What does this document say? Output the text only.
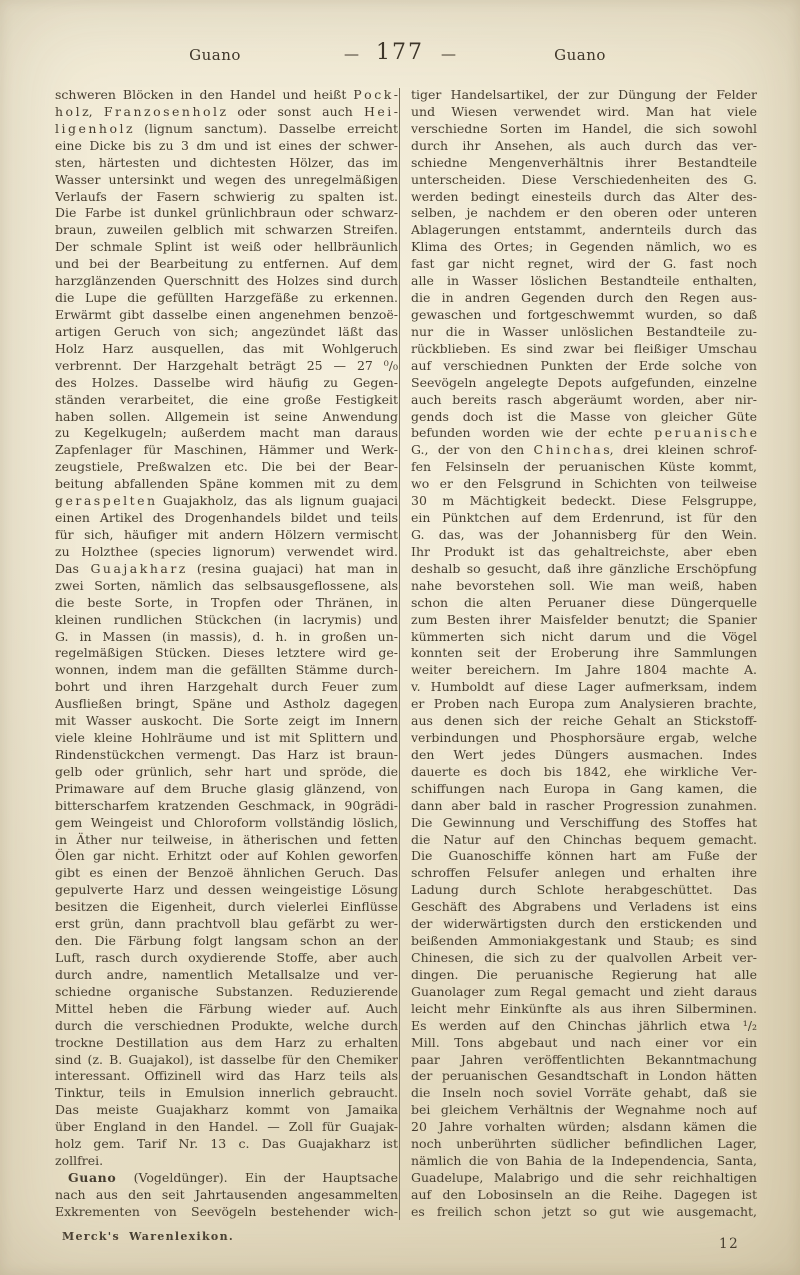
Guano	— 177 —	Guano
schweren Blöcken in den Handel und heißt P o c k -
h o l z, F r a n z o s e n h o l z oder sonst auch H e i -
l i g e n h o l z (lignum sanctum). Dasselbe erreicht
eine Dicke bis zu 3 dm und ist eines der schwer-
sten, härtesten und dichtesten Hölzer, das im
Wasser untersinkt und wegen des unregelmäßigen
Verlaufs der Fasern schwierig zu spalten ist.
Die Farbe ist dunkel grünlichbraun oder schwarz-
braun, zuweilen gelblich mit schwarzen Streifen.
Der schmale Splint ist weiß oder hellbräunlich
und bei der Bearbeitung zu entfernen. Auf dem
harzglänzenden Querschnitt des Holzes sind durch
die Lupe die gefüllten Harzgefäße zu erkennen.
Erwärmt gibt dasselbe einen angenehmen benzoë-
artigen Geruch von sich; angezündet läßt das
Holz Harz ausquellen, das mit Wohlgeruch
verbrennt. Der Harzgehalt beträgt 25 — 27 ⁰/₀
des Holzes. Dasselbe wird häufig zu Gegen-
ständen verarbeitet, die eine große Festigkeit
haben sollen. Allgemein ist seine Anwendung
zu Kegelkugeln; außerdem macht man daraus
Zapfenlager für Maschinen, Hämmer und Werk-
zeugstiele, Preßwalzen etc. Die bei der Bear-
beitung abfallenden Späne kommen mit zu dem
g e r a s p e l t e n Guajakholz, das als lignum guajaci
einen Artikel des Drogenhandels bildet und teils
für sich, häufiger mit andern Hölzern vermischt
zu Holzthee (species lignorum) verwendet wird.
Das G u a j a k h a r z (resina guajaci) hat man in
zwei Sorten, nämlich das selbsausgeflossene, als
die beste Sorte, in Tropfen oder Thränen, in
kleinen rundlichen Stückchen (in lacrymis) und
G. in Massen (in massis), d. h. in großen un-
regelmäßigen Stücken. Dieses letztere wird ge-
wonnen, indem man die gefällten Stämme durch-
bohrt und ihren Harzgehalt durch Feuer zum
Ausfließen bringt, Späne und Astholz dagegen
mit Wasser auskocht. Die Sorte zeigt im Innern
viele kleine Hohlräume und ist mit Splittern und
Rindenstückchen vermengt. Das Harz ist braun-
gelb oder grünlich, sehr hart und spröde, die
Primaware auf dem Bruche glasig glänzend, von
bitterscharfem kratzenden Geschmack, in 90grädi-
gem Weingeist und Chloroform vollständig löslich,
in Äther nur teilweise, in ätherischen und fetten
Ölen gar nicht. Erhitzt oder auf Kohlen geworfen
gibt es einen der Benzoë ähnlichen Geruch. Das
gepulverte Harz und dessen weingeistige Lösung
besitzen die Eigenheit, durch vielerlei Einflüsse
erst grün, dann prachtvoll blau gefärbt zu wer-
den. Die Färbung folgt langsam schon an der
Luft, rasch durch oxydierende Stoffe, aber auch
durch andre, namentlich Metallsalze und ver-
schiedne organische Substanzen. Reduzierende
Mittel heben die Färbung wieder auf. Auch
durch die verschiednen Produkte, welche durch
trockne Destillation aus dem Harz zu erhalten
sind (z. B. Guajakol), ist dasselbe für den Chemiker
interessant. Offizinell wird das Harz teils als
Tinktur, teils in Emulsion innerlich gebraucht.
Das meiste Guajakharz kommt von Jamaika
über England in den Handel. — Zoll für Guajak-
holz gem. Tarif Nr. 13 c. Das Guajakharz ist
zollfrei.
Guano (Vogeldünger). Ein der Hauptsache
nach aus den seit Jahrtausenden angesammelten
Exkrementen von Seevögeln bestehender wich-
tiger Handelsartikel, der zur Düngung der Felder
und Wiesen verwendet wird. Man hat viele
verschiedne Sorten im Handel, die sich sowohl
durch ihr Ansehen, als auch durch das ver-
schiedne Mengenverhältnis ihrer Bestandteile
unterscheiden. Diese Verschiedenheiten des G.
werden bedingt einesteils durch das Alter des-
selben, je nachdem er den oberen oder unteren
Ablagerungen entstammt, andernteils durch das
Klima des Ortes; in Gegenden nämlich, wo es
fast gar nicht regnet, wird der G. fast noch
alle in Wasser löslichen Bestandteile enthalten,
die in andren Gegenden durch den Regen aus-
gewaschen und fortgeschwemmt wurden, so daß
nur die in Wasser unlöslichen Bestandteile zu-
rückblieben. Es sind zwar bei fleißiger Umschau
auf verschiednen Punkten der Erde solche von
Seevögeln angelegte Depots aufgefunden, einzelne
auch bereits rasch abgeräumt worden, aber nir-
gends doch ist die Masse von gleicher Güte
befunden worden wie der echte p e r u a n i s c h e
G., der von den C h i n c h a s, drei kleinen schrof-
fen Felsinseln der peruanischen Küste kommt,
wo er den Felsgrund in Schichten von teilweise
30 m Mächtigkeit bedeckt. Diese Felsgruppe,
ein Pünktchen auf dem Erdenrund, ist für den
G. das, was der Johannisberg für den Wein.
Ihr Produkt ist das gehaltreichste, aber eben
deshalb so gesucht, daß ihre gänzliche Erschöpfung
nahe bevorstehen soll. Wie man weiß, haben
schon die alten Peruaner diese Düngerquelle
zum Besten ihrer Maisfelder benutzt; die Spanier
kümmerten sich nicht darum und die Vögel
konnten seit der Eroberung ihre Sammlungen
weiter bereichern. Im Jahre 1804 machte A.
v. Humboldt auf diese Lager aufmerksam, indem
er Proben nach Europa zum Analysieren brachte,
aus denen sich der reiche Gehalt an Stickstoff-
verbindungen und Phosphorsäure ergab, welche
den Wert jedes Düngers ausmachen. Indes
dauerte es doch bis 1842, ehe wirkliche Ver-
schiffungen nach Europa in Gang kamen, die
dann aber bald in rascher Progression zunahmen.
Die Gewinnung und Verschiffung des Stoffes hat
die Natur auf den Chinchas bequem gemacht.
Die Guanoschiffe können hart am Fuße der
schroffen Felsufer anlegen und erhalten ihre
Ladung durch Schlote herabgeschüttet. Das
Geschäft des Abgrabens und Verladens ist eins
der widerwärtigsten durch den erstickenden und
beißenden Ammoniakgestank und Staub; es sind
Chinesen, die sich zu der qualvollen Arbeit ver-
dingen. Die peruanische Regierung hat alle
Guanolager zum Regal gemacht und zieht daraus
leicht mehr Einkünfte als aus ihren Silberminen.
Es werden auf den Chinchas jährlich etwa ¹/₂
Mill. Tons abgebaut und nach einer vor ein
paar Jahren veröffentlichten Bekanntmachung
der peruanischen Gesandtschaft in London hätten
die Inseln noch soviel Vorräte gehabt, daß sie
bei gleichem Verhältnis der Wegnahme noch auf
20 Jahre vorhalten würden; alsdann kämen die
noch unberührten südlicher befindlichen Lager,
nämlich die von Bahia de la Independencia, Santa,
Guadelupe, Malabrigo und die sehr reichhaltigen
auf den Lobosinseln an die Reihe. Dagegen ist
es freilich schon jetzt so gut wie ausgemacht,
Merck's Warenlexikon.	12
